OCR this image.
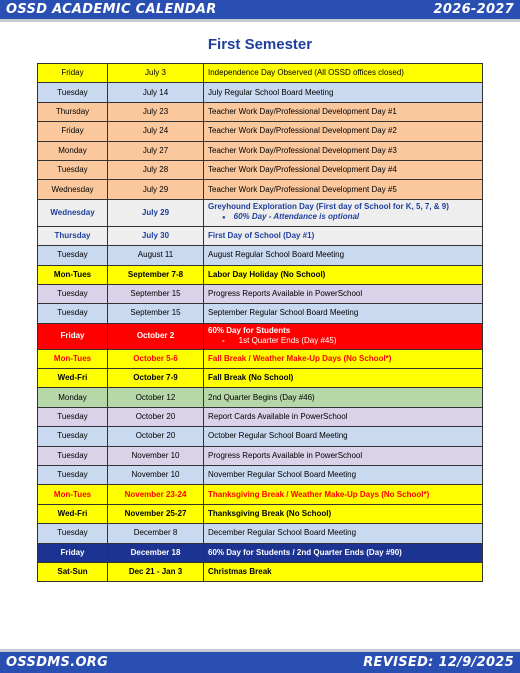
OSSD ACADEMIC CALENDAR	2026-2027
First Semester
Friday	July 3	Independence Day Observed (All OSSD offices closed)
Tuesday	July 14	July Regular School Board Meeting
Thursday	July 23	Teacher Work Day/Professional Development Day #1
Friday	July 24	Teacher Work Day/Professional Development Day #2
Monday	July 27	Teacher Work Day/Professional Development Day #3
Tuesday	July 28	Teacher Work Day/Professional Development Day #4
Wednesday	July 29	Teacher Work Day/Professional Development Day #5
Wednesday	July 29	Greyhound Exploration Day (First day of School for K, 5, 7, & 9)
● 60% Day - Attendance is optional

Thursday	July 30	First Day of School (Day #1)
Tuesday	August 11	August Regular School Board Meeting
Mon-Tues	September 7-8	Labor Day Holiday (No School)
Tuesday	September 15	Progress Reports Available in PowerSchool
Tuesday	September 15	September Regular School Board Meeting
Friday	October 2	60% Day for Students
- 1st Quarter Ends (Day #45)

Mon-Tues	October 5-6	Fall Break / Weather Make-Up Days (No School*)
Wed-Fri	October 7-9	Fall Break (No School)
Monday	October 12	2nd Quarter Begins (Day #46)
Tuesday	October 20	Report Cards Available in PowerSchool
Tuesday	October 20	October Regular School Board Meeting
Tuesday	November 10	Progress Reports Available in PowerSchool
Tuesday	November 10	November Regular School Board Meeting
Mon-Tues	November 23-24	Thanksgiving Break / Weather Make-Up Days (No School*)
Wed-Fri	November 25-27	Thanksgiving Break (No School)
Tuesday	December 8	December Regular School Board Meeting
Friday	December 18	60% Day for Students / 2nd Quarter Ends (Day #90)
Sat-Sun	Dec 21 - Jan 3	Christmas Break
OSSDMS.ORG	REVISED: 12/9/2025
